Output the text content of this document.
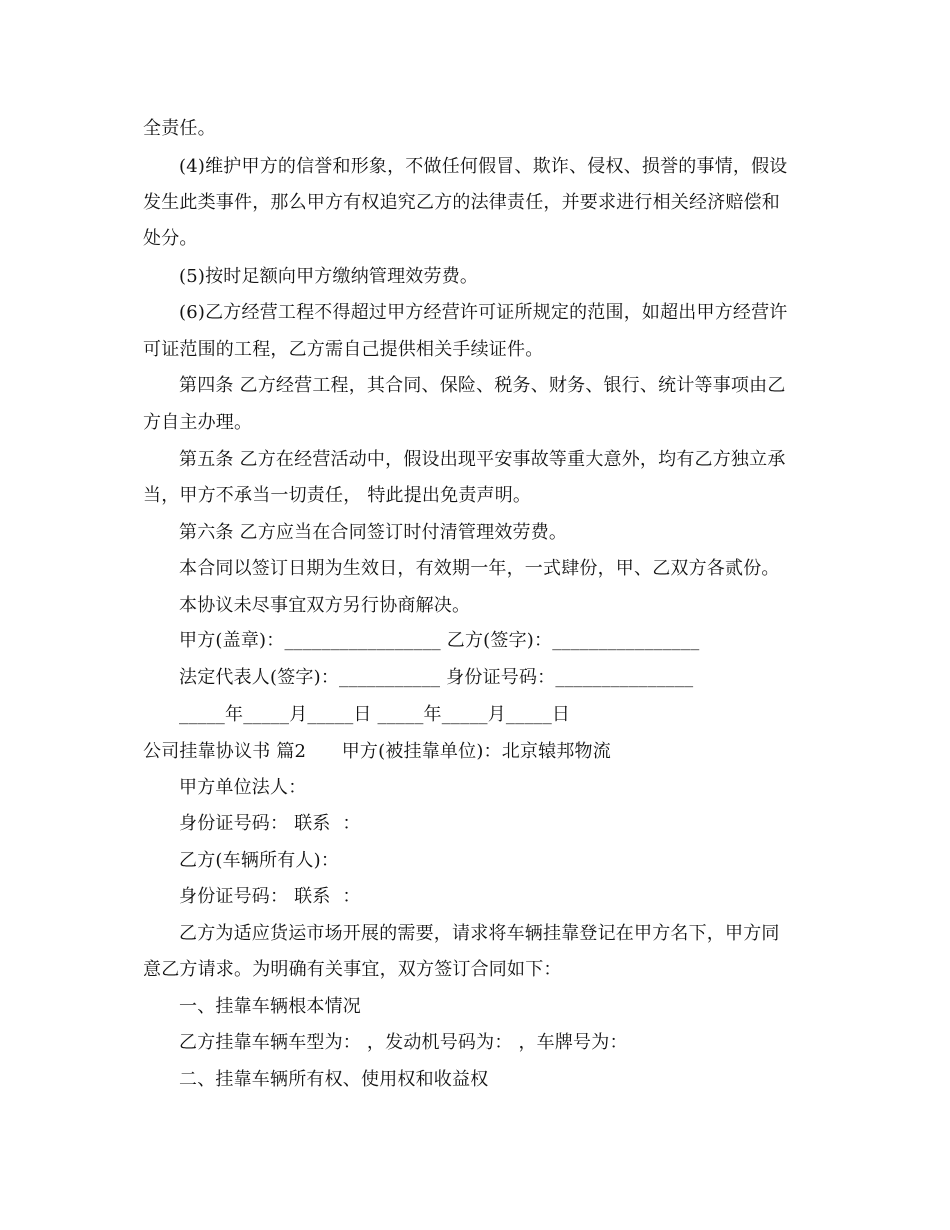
全责任。
(4)维护甲方的信誉和形象，不做任何假冒、欺诈、侵权、损誉的事情，假设
发生此类事件，那么甲方有权追究乙方的法律责任，并要求进行相关经济赔偿和
处分。
(5)按时足额向甲方缴纳管理效劳费。
(6)乙方经营工程不得超过甲方经营许可证所规定的范围，如超出甲方经营许
可证范围的工程，乙方需自己提供相关手续证件。
第四条 乙方经营工程，其合同、保险、税务、财务、银行、统计等事项由乙
方自主办理。
第五条 乙方在经营活动中，假设出现平安事故等重大意外，均有乙方独立承
当，甲方不承当一切责任， 特此提出免责声明。
第六条 乙方应当在合同签订时付清管理效劳费。
本合同以签订日期为生效日，有效期一年，一式肆份，甲、乙双方各贰份。
本协议未尽事宜双方另行协商解决。
甲方(盖章)：_________________ 乙方(签字)：________________
法定代表人(签字)：___________ 身份证号码：_______________
_____年_____月_____日 _____年_____月_____日
公司挂靠协议书 篇2      甲方(被挂靠单位)：北京辕邦物流
甲方单位法人：
身份证号码： 联系  ：
乙方(车辆所有人)：
身份证号码： 联系  ：
乙方为适应货运市场开展的需要，请求将车辆挂靠登记在甲方名下，甲方同
意乙方请求。为明确有关事宜，双方签订合同如下：
一、挂靠车辆根本情况
乙方挂靠车辆车型为： ，发动机号码为： ，车牌号为：
二、挂靠车辆所有权、使用权和收益权
